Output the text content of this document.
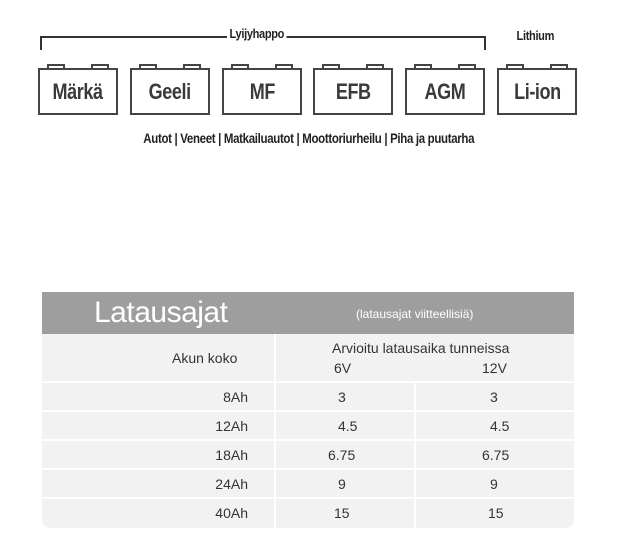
Lyijyhappo	Lithium
Märkä Geeli	MF	EFB AGM Li-ion
Autot | Veneet | Matkailuautot | Moottoriurheilu | Piha ja puutarha
Latausajat	(latausajat viitteellisiä)
Akun koko
Arvioitu latausaika tunneissa
6V	12V
8Ah	3	3
12Ah	4.5	4.5
18Ah	6.75	6.75
24Ah	9	9
40Ah	15	15
